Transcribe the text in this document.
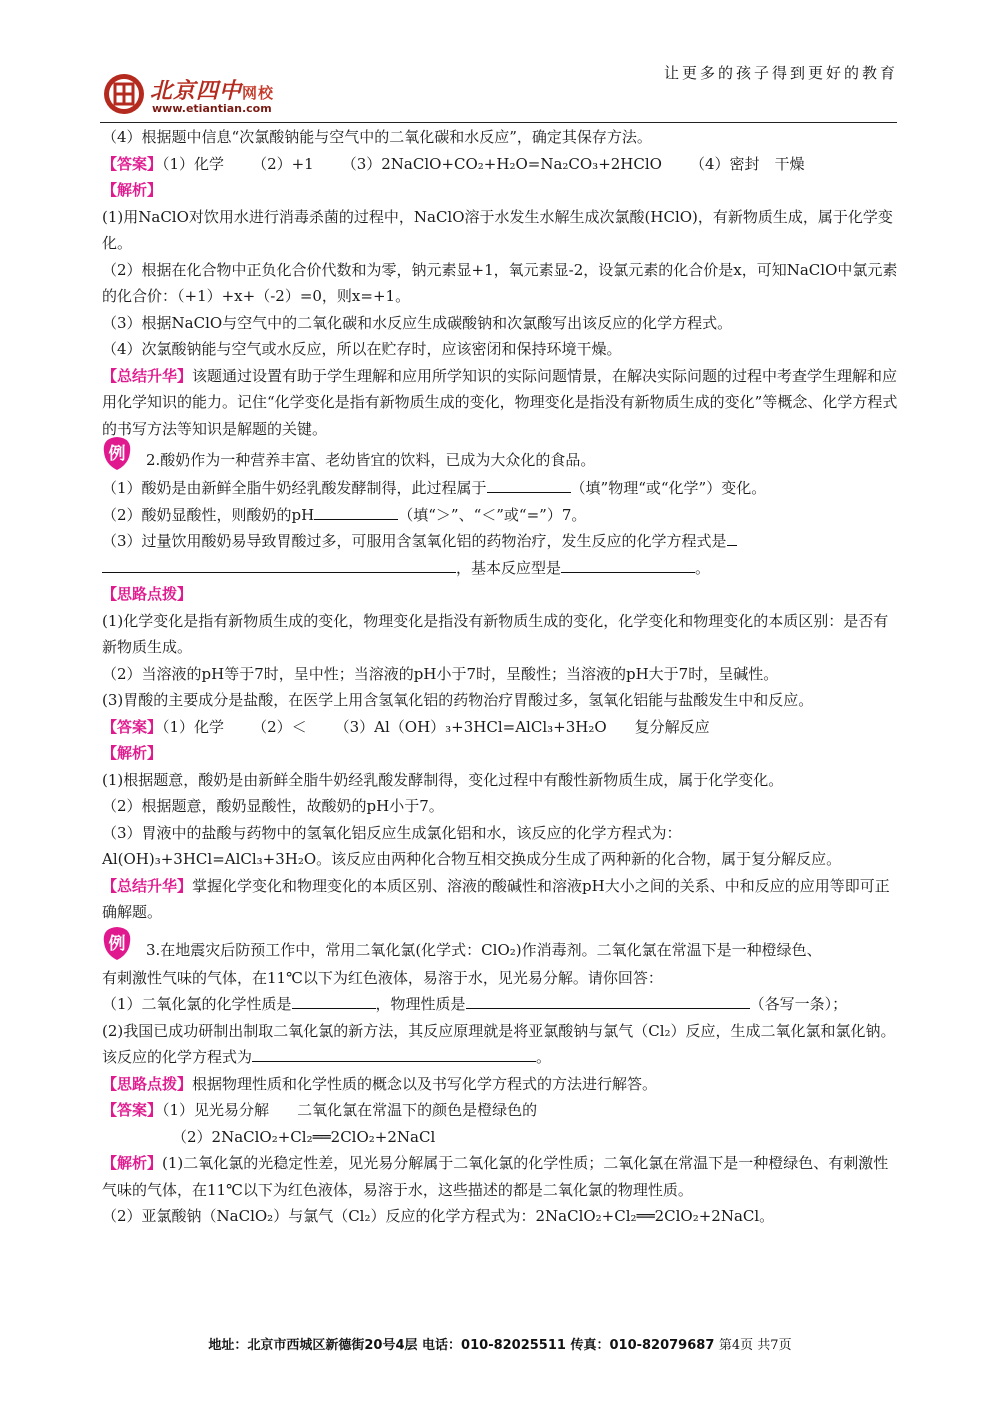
北京四中网校
www.etiantian.com
让更多的孩子得到更好的教育
（4）根据题中信息“次氯酸钠能与空气中的二氧化碳和水反应”，确定其保存方法。
【答案】（1）化学 （2）+1 （3）2NaClO+CO₂+H₂O=Na₂CO₃+2HClO （4）密封　干燥
【解析】
(1)用NaClO对饮用水进行消毒杀菌的过程中，NaClO溶于水发生水解生成次氯酸(HClO)，有新物质生成，属于化学变化。
（2）根据在化合物中正负化合价代数和为零，钠元素显+1，氧元素显-2，设氯元素的化合价是x，可知NaClO中氯元素的化合价：（+1）+x+（-2）=0，则x=+1。
（3）根据NaClO与空气中的二氧化碳和水反应生成碳酸钠和次氯酸写出该反应的化学方程式。
（4）次氯酸钠能与空气或水反应，所以在贮存时，应该密闭和保持环境干燥。
【总结升华】该题通过设置有助于学生理解和应用所学知识的实际问题情景，在解决实际问题的过程中考查学生理解和应用化学知识的能力。记住“化学变化是指有新物质生成的变化，物理变化是指没有新物质生成的变化”等概念、化学方程式的书写方法等知识是解题的关键。
例 2.酸奶作为一种营养丰富、老幼皆宜的饮料，已成为大众化的食品。
（1）酸奶是由新鲜全脂牛奶经乳酸发酵制得，此过程属于	（填”物理“或“化学”）变化。
（2）酸奶显酸性，则酸奶的pH	（填“＞”、“＜”或“=”）7。
（3）过量饮用酸奶易导致胃酸过多，可服用含氢氧化铝的药物治疗，发生反应的化学方程式是
，基本反应型是	。
【思路点拨】
(1)化学变化是指有新物质生成的变化，物理变化是指没有新物质生成的变化，化学变化和物理变化的本质区别：是否有新物质生成。
（2）当溶液的pH等于7时，呈中性；当溶液的pH小于7时，呈酸性；当溶液的pH大于7时，呈碱性。
(3)胃酸的主要成分是盐酸，在医学上用含氢氧化铝的药物治疗胃酸过多，氢氧化铝能与盐酸发生中和反应。
【答案】（1）化学 （2）＜ （3）Al（OH）₃+3HCl=AlCl₃+3H₂O 复分解反应
【解析】
(1)根据题意，酸奶是由新鲜全脂牛奶经乳酸发酵制得，变化过程中有酸性新物质生成，属于化学变化。
（2）根据题意，酸奶显酸性，故酸奶的pH小于7。
（3）胃液中的盐酸与药物中的氢氧化铝反应生成氯化铝和水，该反应的化学方程式为：
Al(OH)₃+3HCl=AlCl₃+3H₂O。该反应由两种化合物互相交换成分生成了两种新的化合物，属于复分解反应。
【总结升华】掌握化学变化和物理变化的本质区别、溶液的酸碱性和溶液pH大小之间的关系、中和反应的应用等即可正确解题。
例 3.在地震灾后防预工作中，常用二氧化氯(化学式：ClO₂)作消毒剂。二氧化氯在常温下是一种橙绿色、
有刺激性气味的气体，在11℃以下为红色液体，易溶于水，见光易分解。请你回答：
（1）二氧化氯的化学性质是	，物理性质是	（各写一条）；
(2)我国已成功研制出制取二氧化氯的新方法，其反应原理就是将亚氯酸钠与氯气（Cl₂）反应，生成二氧化氯和氯化钠。该反应的化学方程式为	。
【思路点拨】根据物理性质和化学性质的概念以及书写化学方程式的方法进行解答。
【答案】（1）见光易分解 二氧化氯在常温下的颜色是橙绿色的
（2）2NaClO₂+Cl₂══2ClO₂+2NaCl
【解析】(1)二氧化氯的光稳定性差，见光易分解属于二氧化氯的化学性质；二氧化氯在常温下是一种橙绿色、有刺激性气味的气体，在11℃以下为红色液体，易溶于水，这些描述的都是二氧化氯的物理性质。
（2）亚氯酸钠（NaClO₂）与氯气（Cl₂）反应的化学方程式为：2NaClO₂+Cl₂══2ClO₂+2NaCl。
地址：北京市西城区新德街20号4层 电话：010-82025511 传真：010-82079687 第4页 共7页
